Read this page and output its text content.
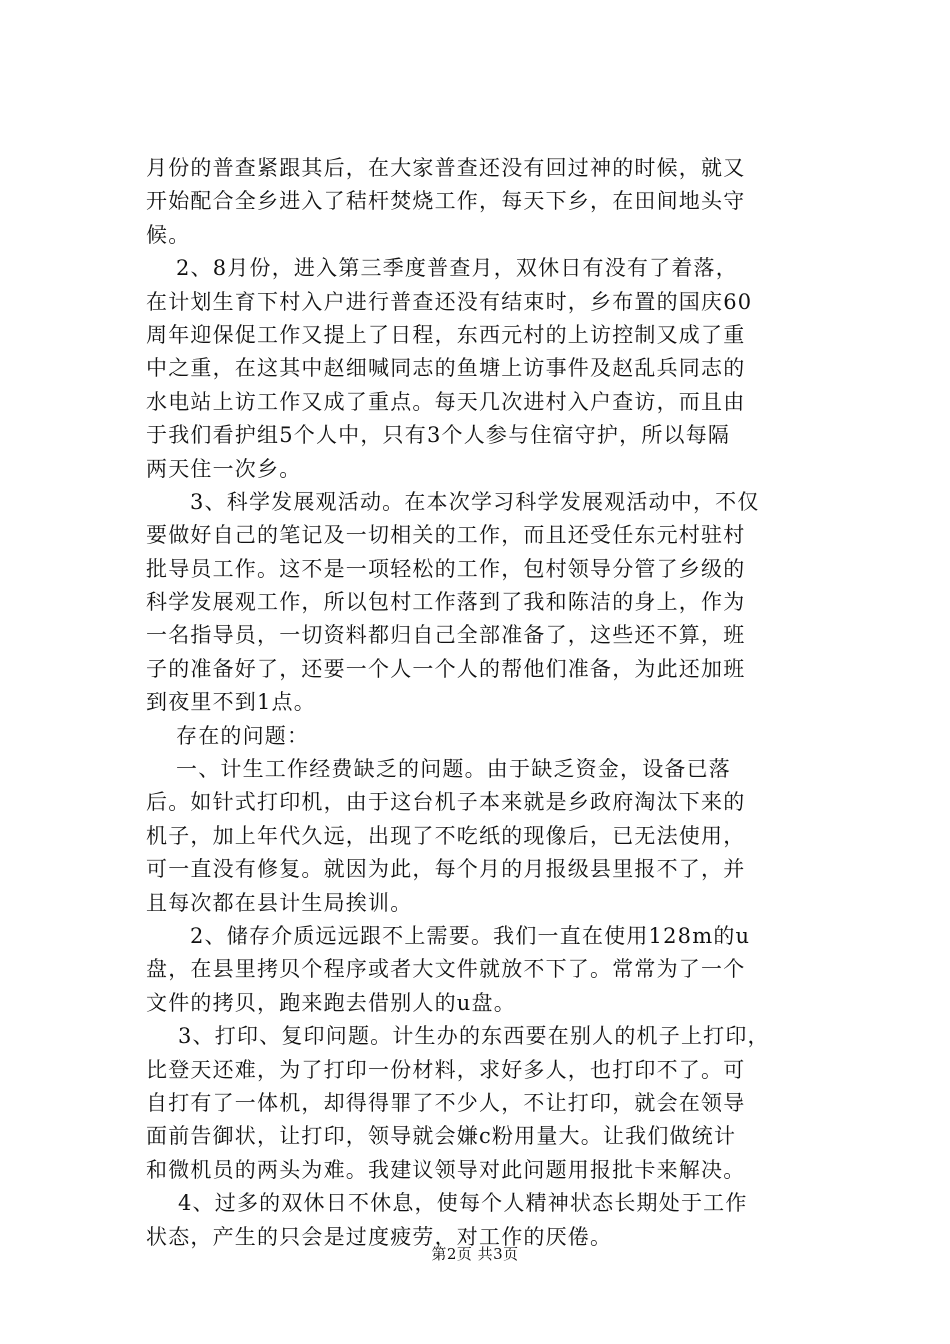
月份的普查紧跟其后，在大家普查还没有回过神的时候，就又
开始配合全乡进入了秸杆焚烧工作，每天下乡，在田间地头守
候。
2、8月份，进入第三季度普查月，双休日有没有了着落，
在计划生育下村入户进行普查还没有结束时，乡布置的国庆60
周年迎保促工作又提上了日程，东西元村的上访控制又成了重
中之重，在这其中赵细喊同志的鱼塘上访事件及赵乱兵同志的
水电站上访工作又成了重点。每天几次进村入户查访，而且由
于我们看护组5个人中，只有3个人参与住宿守护，所以每隔
两天住一次乡。
3、科学发展观活动。在本次学习科学发展观活动中，不仅
要做好自己的笔记及一切相关的工作，而且还受任东元村驻村
批导员工作。这不是一项轻松的工作，包村领导分管了乡级的
科学发展观工作，所以包村工作落到了我和陈洁的身上，作为
一名指导员，一切资料都归自己全部准备了，这些还不算，班
子的准备好了，还要一个人一个人的帮他们准备，为此还加班
到夜里不到1点。
存在的问题：
一、计生工作经费缺乏的问题。由于缺乏资金，设备已落
后。如针式打印机，由于这台机子本来就是乡政府淘汰下来的
机子，加上年代久远，出现了不吃纸的现像后，已无法使用，
可一直没有修复。就因为此，每个月的月报级县里报不了，并
且每次都在县计生局挨训。
2、储存介质远远跟不上需要。我们一直在使用128m的u
盘，在县里拷贝个程序或者大文件就放不下了。常常为了一个
文件的拷贝，跑来跑去借别人的u盘。
3、打印、复印问题。计生办的东西要在别人的机子上打印，
比登天还难，为了打印一份材料，求好多人，也打印不了。可
自打有了一体机，却得得罪了不少人，不让打印，就会在领导
面前告御状，让打印，领导就会嫌c粉用量大。让我们做统计
和微机员的两头为难。我建议领导对此问题用报批卡来解决。
4、过多的双休日不休息，使每个人精神状态长期处于工作
状态，产生的只会是过度疲劳，对工作的厌倦。
第2页 共3页
